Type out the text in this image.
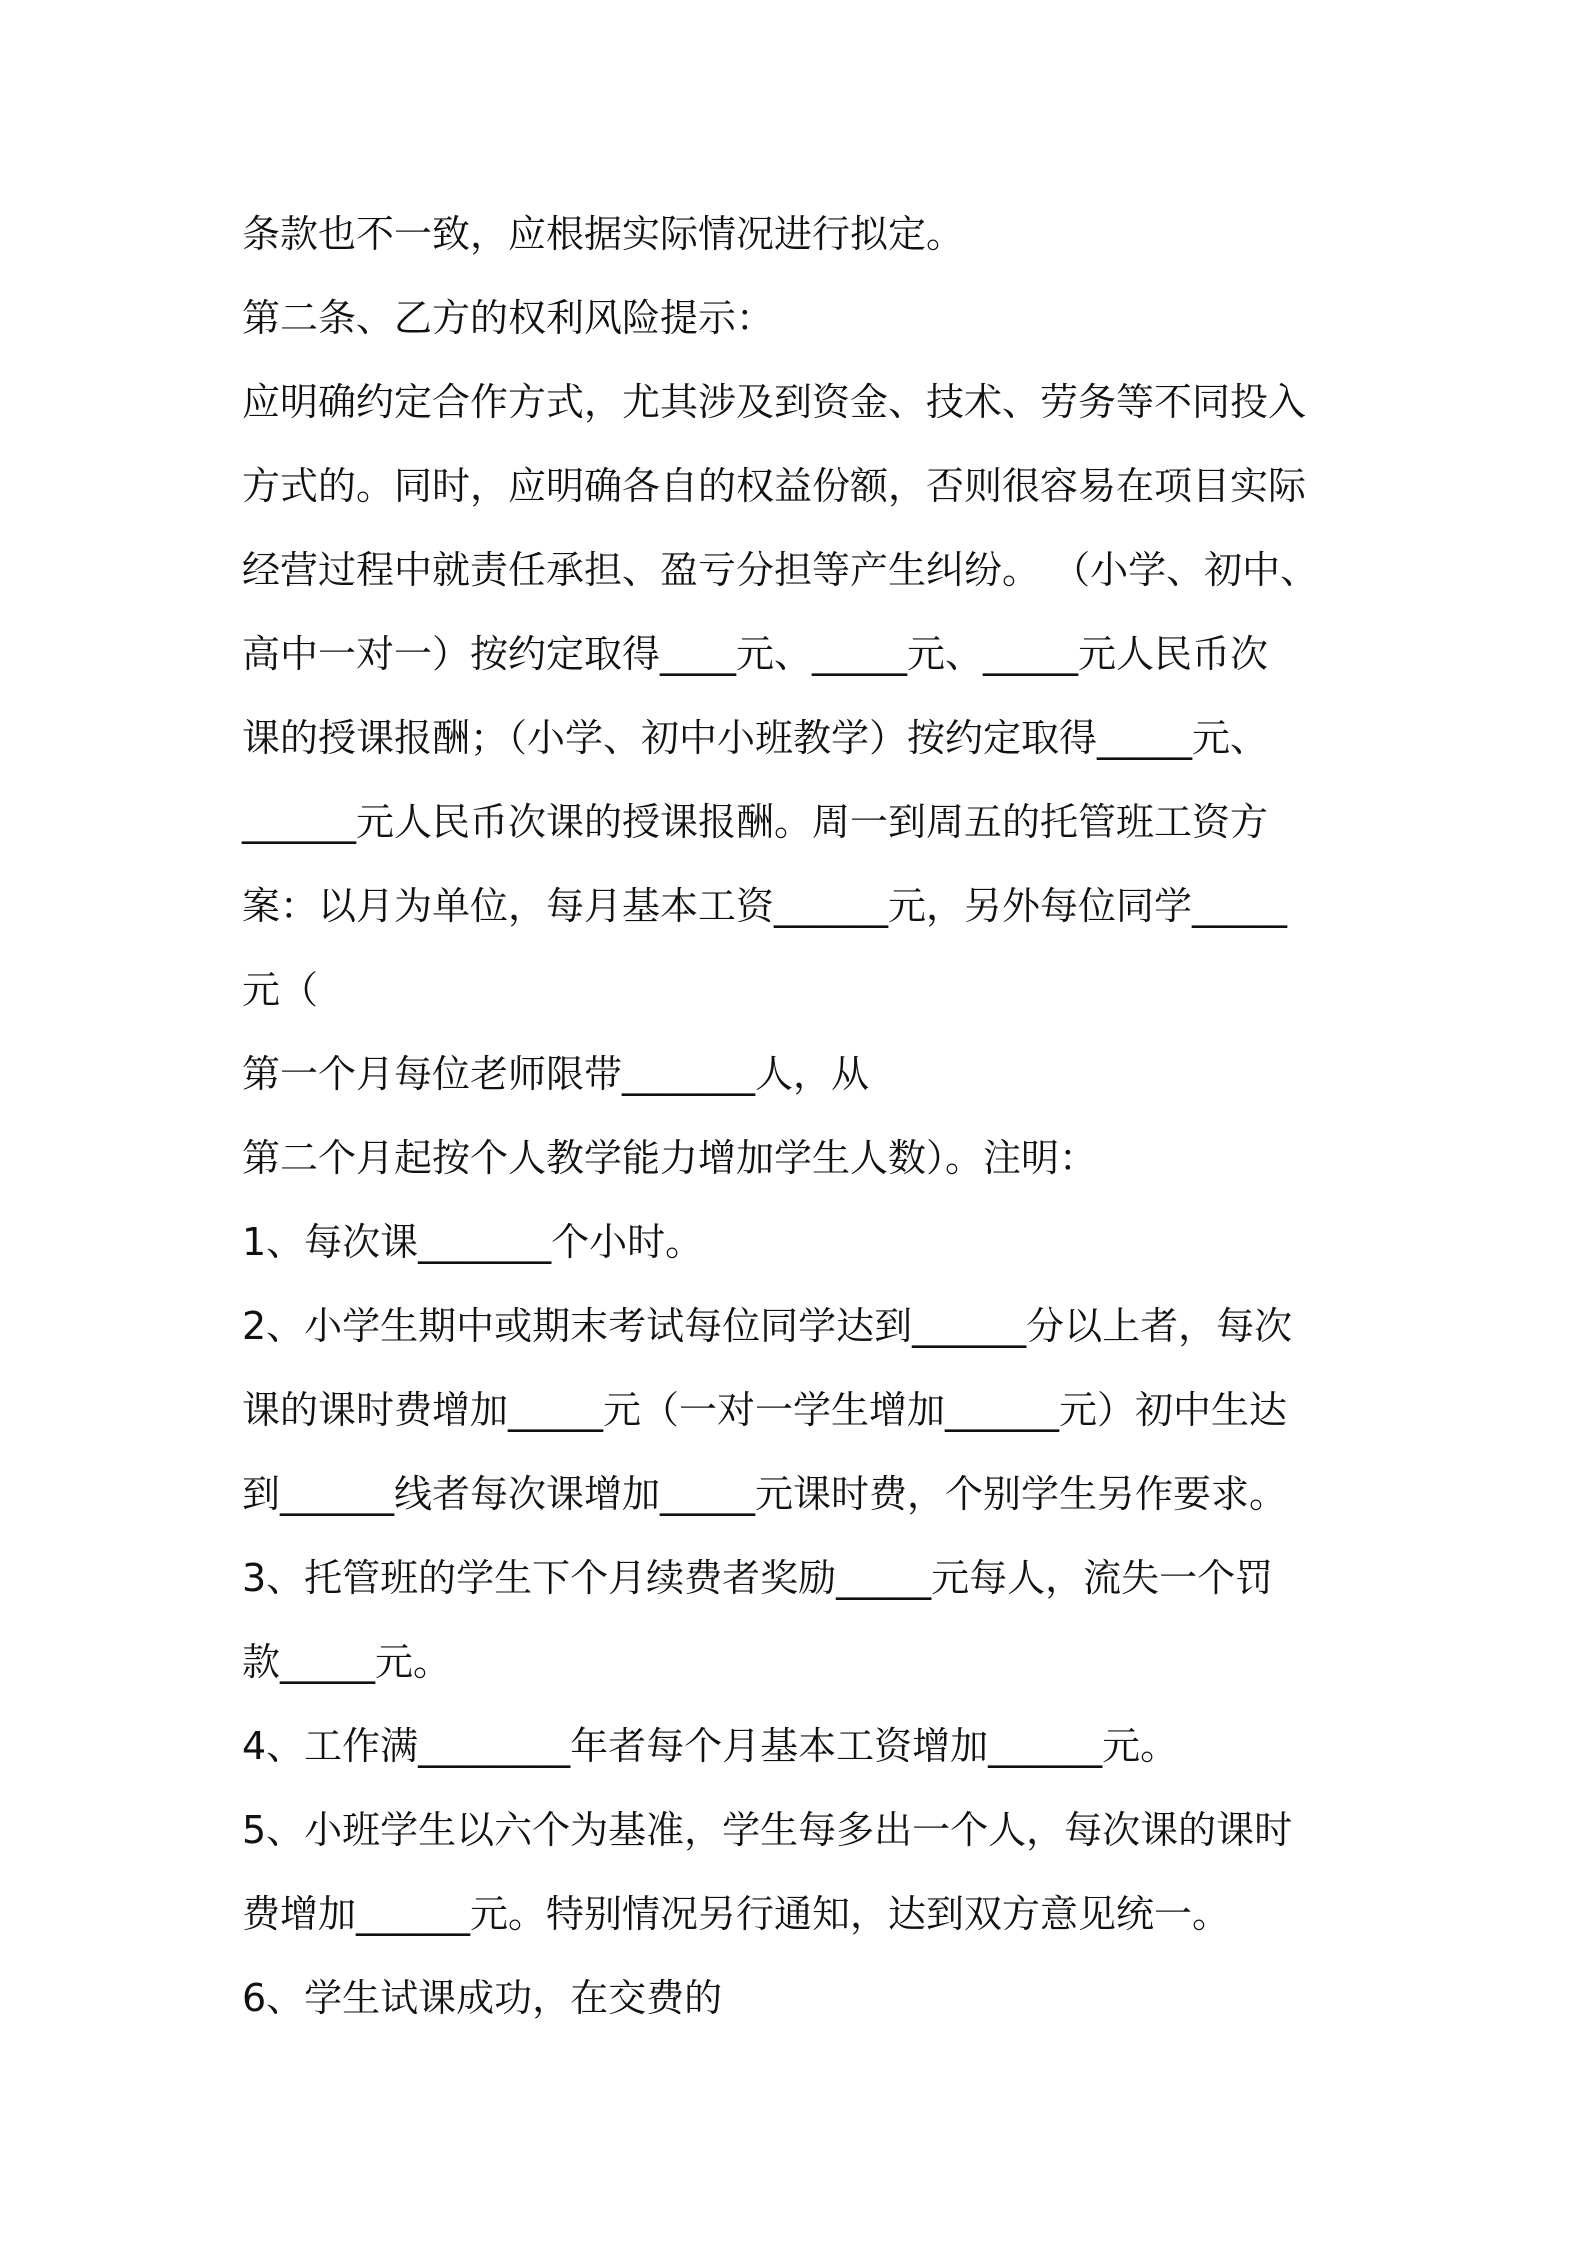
条款也不一致，应根据实际情况进行拟定。
第二条、乙方的权利风险提示：
应明确约定合作方式，尤其涉及到资金、技术、劳务等不同投入
方式的。同时，应明确各自的权益份额，否则很容易在项目实际
经营过程中就责任承担、盈亏分担等产生纠纷。 （小学、初中、
高中一对一）按约定取得____元、_____元、_____元人民币次
课的授课报酬；（小学、初中小班教学）按约定取得_____元、
______元人民币次课的授课报酬。周一到周五的托管班工资方
案：以月为单位，每月基本工资______元，另外每位同学_____
元（
第一个月每位老师限带_______人，从
第二个月起按个人教学能力增加学生人数）。注明：
1、每次课_______个小时。
2、小学生期中或期末考试每位同学达到______分以上者，每次
课的课时费增加_____元（一对一学生增加______元）初中生达
到______线者每次课增加_____元课时费，个别学生另作要求。
3、托管班的学生下个月续费者奖励_____元每人，流失一个罚
款_____元。
4、工作满________年者每个月基本工资增加______元。
5、小班学生以六个为基准，学生每多出一个人，每次课的课时
费增加______元。特别情况另行通知，达到双方意见统一。
6、学生试课成功，在交费的
